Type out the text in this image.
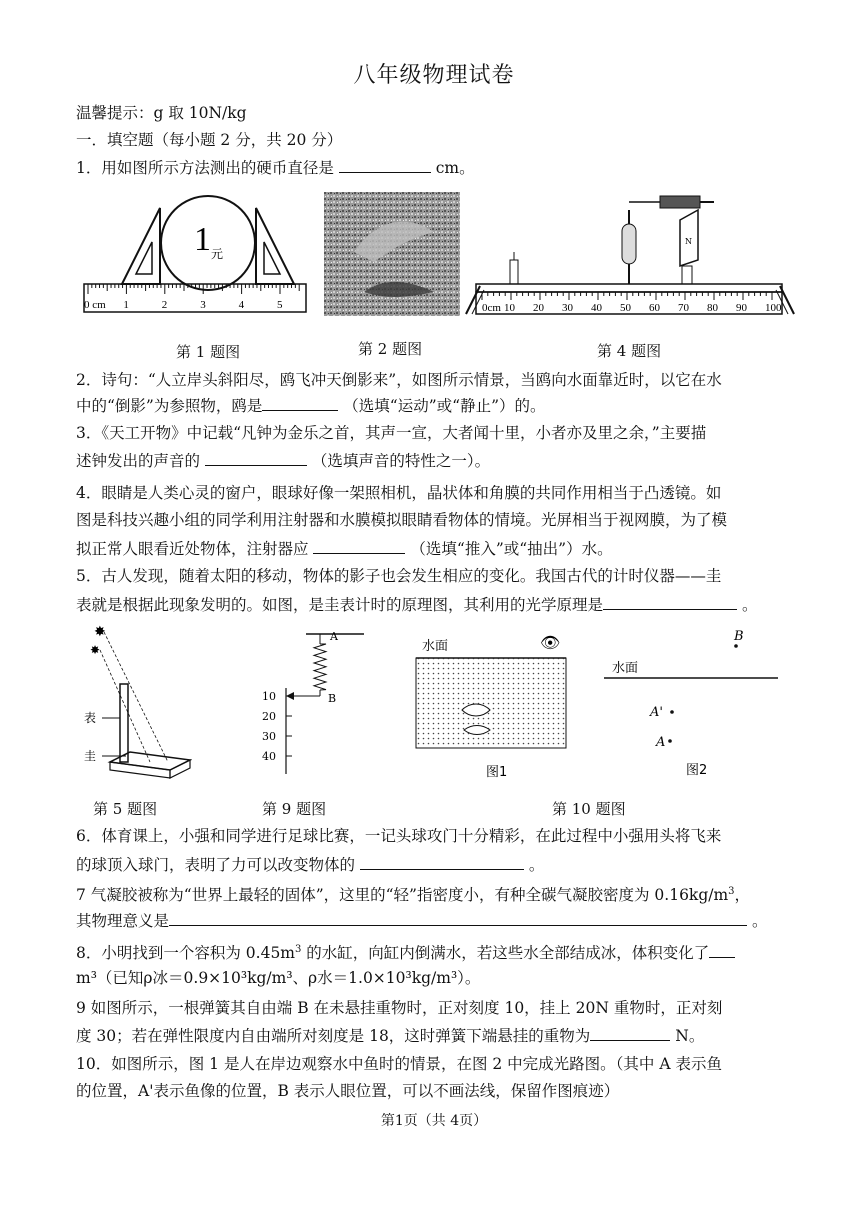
八年级物理试卷
温馨提示：g 取 10N/kg
一．填空题（每小题 2 分，共 20 分）
1．用如图所示方法测出的硬币直径是	cm。
1 元
0 cm 1	2	3	4	5	0cm 10 20 30 40 50 60 70 80 90 100
N
第 1 题图	第 2 题图	第 4 题图
2．诗句：“人立岸头斜阳尽，鸥飞冲天倒影来”，如图所示情景，当鸥向水面靠近时，以它在水
中的“倒影”为参照物，鸥是	（选填“运动”或“静止”）的。
3．《天工开物》中记载“凡钟为金乐之首，其声一宣，大者闻十里，小者亦及里之余，”主要描
述钟发出的声音的	（选填声音的特性之一）。
4．眼睛是人类心灵的窗户，眼球好像一架照相机，晶状体和角膜的共同作用相当于凸透镜。如
图是科技兴趣小组的同学利用注射器和水膜模拟眼睛看物体的情境。光屏相当于视网膜，为了模
拟正常人眼看近处物体，注射器应	（选填“推入”或“抽出”）水。
5．古人发现，随着太阳的移动，物体的影子也会发生相应的变化。我国古代的计时仪器——圭
表就是根据此现象发明的。如图，是圭表计时的原理图，其利用的光学原理是	。
✸
✸
表
圭
A
B
10
20
30
40
水面	👁
图1
B
水面
A'
A
图2
第 5 题图	第 9 题图	第 10 题图
6．体育课上，小强和同学进行足球比赛，一记头球攻门十分精彩，在此过程中小强用头将飞来
的球顶入球门，表明了力可以改变物体的	。
7 气凝胶被称为“世界上最轻的固体”，这里的“轻”指密度小，有种全碳气凝胶密度为 $0.16kg/m^3$，
其物理意义是	。
8．小明找到一个容积为 $0.45m^3$ 的水缸，向缸内倒满水，若这些水全部结成冰，体积变化了
m³（已知ρ冰＝0.9×10³kg/m³、ρ水＝1.0×10³kg/m³）。
9 如图所示，一根弹簧其自由端 B 在未悬挂重物时，正对刻度 10，挂上 20N 重物时，正对刻
度 30；若在弹性限度内自由端所对刻度是 18，这时弹簧下端悬挂的重物为	N。
10．如图所示，图 1 是人在岸边观察水中鱼时的情景，在图 2 中完成光路图。（其中 A 表示鱼
的位置，A'表示鱼像的位置，B 表示人眼位置，可以不画法线，保留作图痕迹）
第1页（共 4页）
